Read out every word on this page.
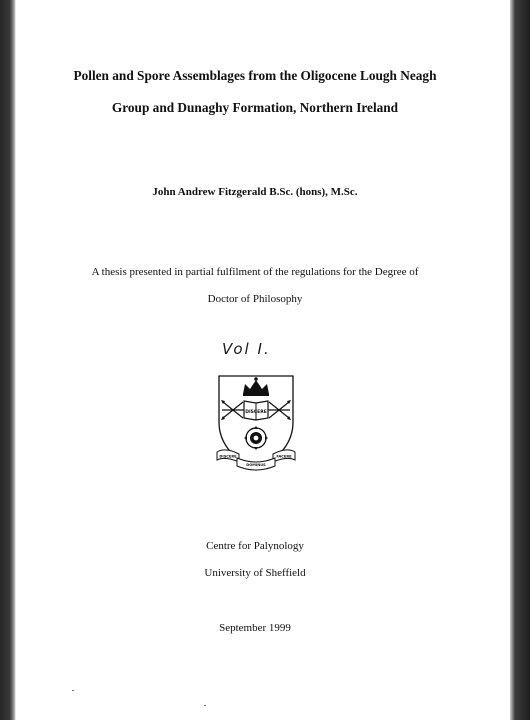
Pollen and Spore Assemblages from the Oligocene Lough Neagh
Group and Dunaghy Formation, Northern Ireland
John Andrew Fitzgerald B.Sc. (hons), M.Sc.
A thesis presented in partial fulfilment of the regulations for the Degree of
Doctor of Philosophy
Vol I.
DISCERE
DISCERE
DOMINUS
FACERE
Centre for Palynology
University of Sheffield
September 1999
